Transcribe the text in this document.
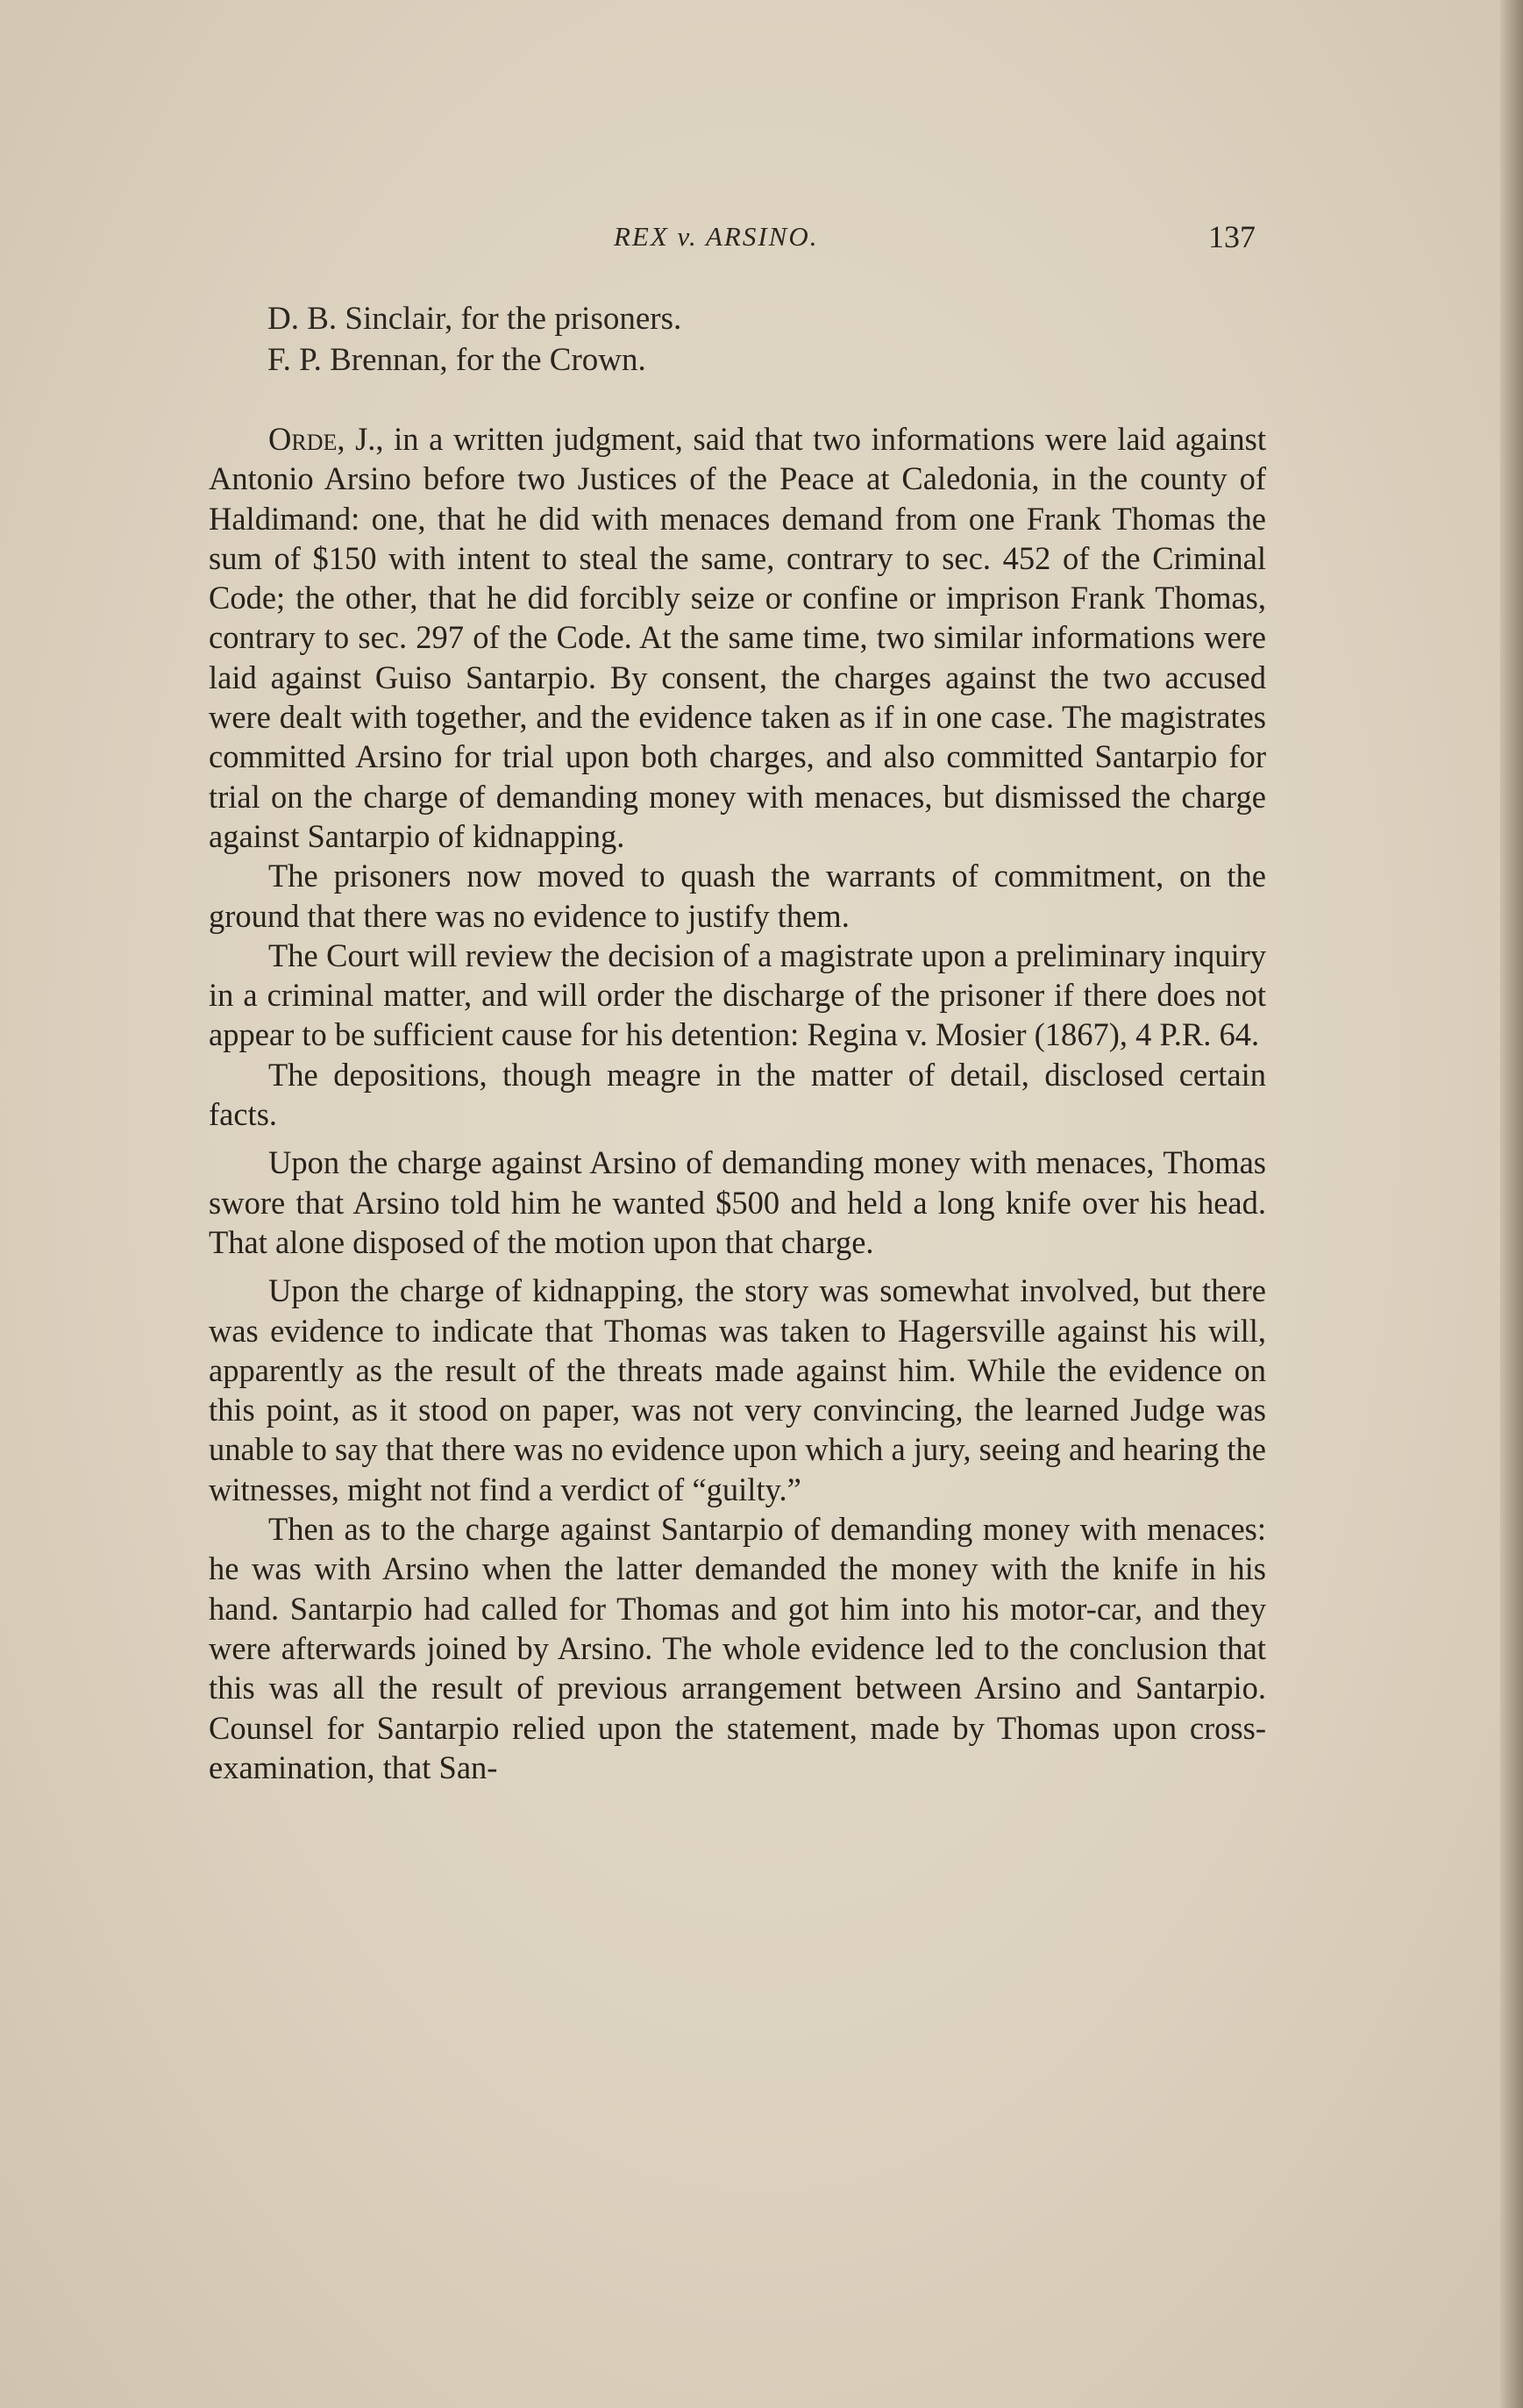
REX v. ARSINO.	137
D. B. Sinclair, for the prisoners.
F. P. Brennan, for the Crown.

Orde, J., in a written judgment, said that two informations were laid against Antonio Arsino before two Justices of the Peace at Caledonia, in the county of Haldimand: one, that he did with menaces demand from one Frank Thomas the sum of $150 with intent to steal the same, contrary to sec. 452 of the Criminal Code; the other, that he did forcibly seize or confine or imprison Frank Thomas, contrary to sec. 297 of the Code. At the same time, two similar informations were laid against Guiso Santarpio. By consent, the charges against the two accused were dealt with together, and the evidence taken as if in one case. The magistrates committed Arsino for trial upon both charges, and also committed Santarpio for trial on the charge of demanding money with menaces, but dismissed the charge against Santarpio of kidnapping.

The prisoners now moved to quash the warrants of commitment, on the ground that there was no evidence to justify them.

The Court will review the decision of a magistrate upon a preliminary inquiry in a criminal matter, and will order the discharge of the prisoner if there does not appear to be sufficient cause for his detention: Regina v. Mosier (1867), 4 P.R. 64.

The depositions, though meagre in the matter of detail, disclosed certain facts.

Upon the charge against Arsino of demanding money with menaces, Thomas swore that Arsino told him he wanted $500 and held a long knife over his head. That alone disposed of the motion upon that charge.

Upon the charge of kidnapping, the story was somewhat involved, but there was evidence to indicate that Thomas was taken to Hagersville against his will, apparently as the result of the threats made against him. While the evidence on this point, as it stood on paper, was not very convincing, the learned Judge was unable to say that there was no evidence upon which a jury, seeing and hearing the witnesses, might not find a verdict of “guilty.”

Then as to the charge against Santarpio of demanding money with menaces: he was with Arsino when the latter demanded the money with the knife in his hand. Santarpio had called for Thomas and got him into his motor-car, and they were afterwards joined by Arsino. The whole evidence led to the conclusion that this was all the result of previous arrangement between Arsino and Santarpio. Counsel for Santarpio relied upon the statement, made by Thomas upon cross-examination, that San-
